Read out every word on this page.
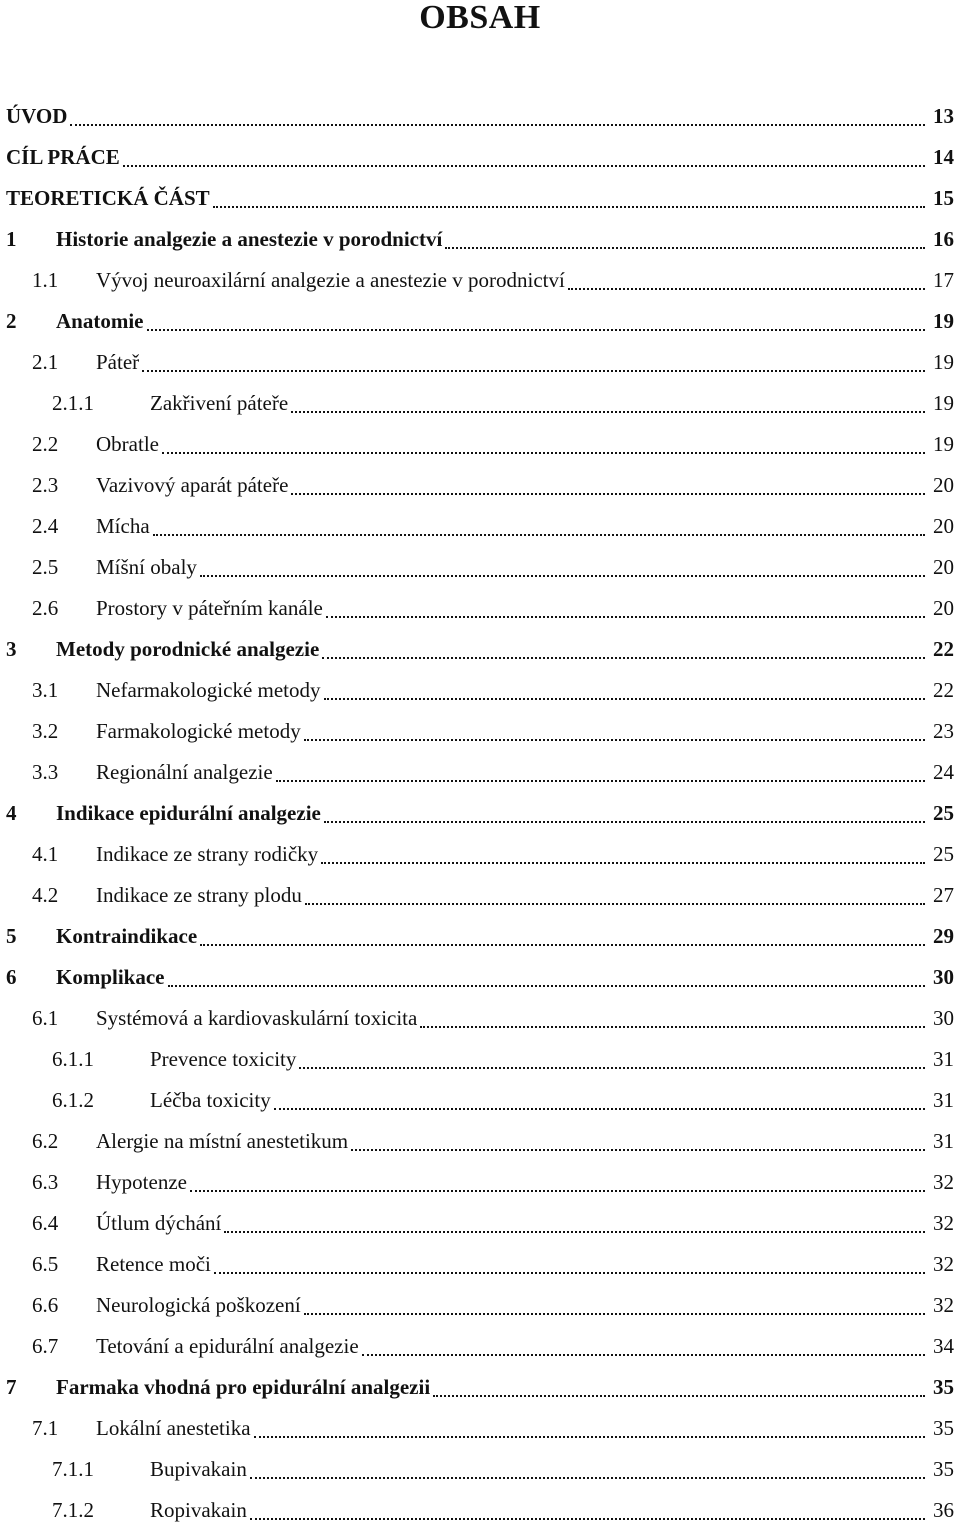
OBSAH
ÚVOD	13
CÍL PRÁCE	14
TEORETICKÁ ČÁST	15
1	Historie analgezie a anestezie v porodnictví	16
1.1	Vývoj neuroaxilární analgezie a anestezie v porodnictví	17
2	Anatomie	19
2.1	Páteř	19
2.1.1	Zakřivení páteře	19
2.2	Obratle	19
2.3	Vazivový aparát páteře	20
2.4	Mícha	20
2.5	Míšní obaly	20
2.6	Prostory v páteřním kanále	20
3	Metody porodnické analgezie	22
3.1	Nefarmakologické metody	22
3.2	Farmakologické metody	23
3.3	Regionální analgezie	24
4	Indikace epidurální analgezie	25
4.1	Indikace ze strany rodičky	25
4.2	Indikace ze strany plodu	27
5	Kontraindikace	29
6	Komplikace	30
6.1	Systémová a kardiovaskulární toxicita	30
6.1.1	Prevence toxicity	31
6.1.2	Léčba toxicity	31
6.2	Alergie na místní anestetikum	31
6.3	Hypotenze	32
6.4	Útlum dýchání	32
6.5	Retence moči	32
6.6	Neurologická poškození	32
6.7	Tetování a epidurální analgezie	34
7	Farmaka vhodná pro epidurální analgezii	35
7.1	Lokální anestetika	35
7.1.1	Bupivakain	35
7.1.2	Ropivakain	36
